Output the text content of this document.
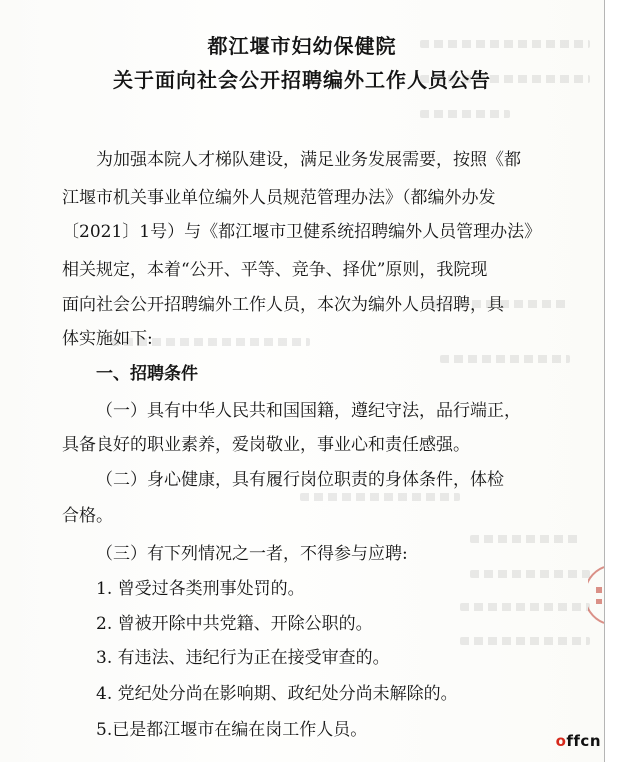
都江堰市妇幼保健院
关于面向社会公开招聘编外工作人员公告
为加强本院人才梯队建设，满足业务发展需要，按照《都
江堰市机关事业单位编外人员规范管理办法》（都编外办发
〔2021〕1号）与《都江堰市卫健系统招聘编外人员管理办法》
相关规定，本着“公开、平等、竞争、择优”原则，我院现
面向社会公开招聘编外工作人员，本次为编外人员招聘，具
体实施如下:
一、招聘条件
（一）具有中华人民共和国国籍，遵纪守法，品行端正，
具备良好的职业素养，爱岗敬业，事业心和责任感强。
（二）身心健康，具有履行岗位职责的身体条件，体检
合格。
（三）有下列情况之一者，不得参与应聘:
1. 曾受过各类刑事处罚的。
2. 曾被开除中共党籍、开除公职的。
3. 有违法、违纪行为正在接受审查的。
4. 党纪处分尚在影响期、政纪处分尚未解除的。
5.已是都江堰市在编在岗工作人员。
offcn
